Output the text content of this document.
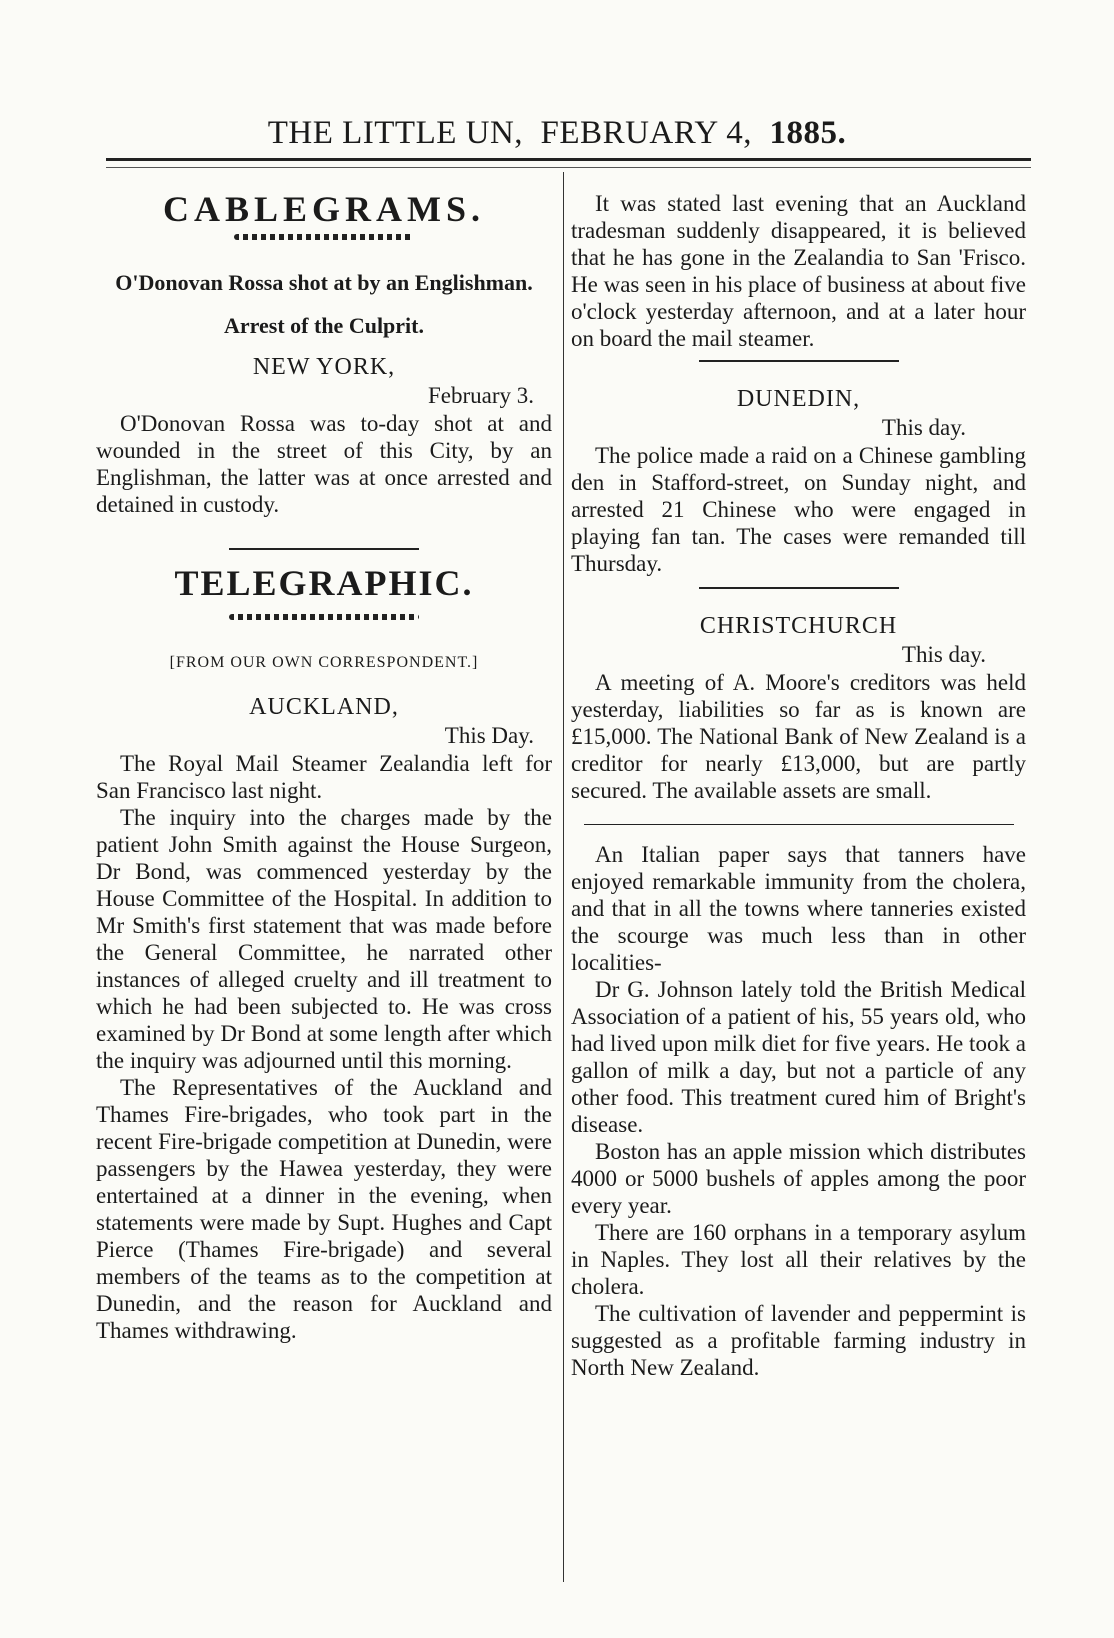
THE LITTLE UN, FEBRUARY 4, 1885.
CABLEGRAMS.

O'Donovan Rossa shot at by an Englishman.

Arrest of the Culprit.

NEW YORK,

February 3.

O'Donovan Rossa was to-day shot at and wounded in the street of this City, by an Englishman, the latter was at once arrested and detained in custody.

TELEGRAPHIC.

[FROM OUR OWN CORRESPONDENT.]

AUCKLAND,

This Day.

The Royal Mail Steamer Zealandia left for San Francisco last night.

The inquiry into the charges made by the patient John Smith against the House Surgeon, Dr Bond, was commenced yesterday by the House Committee of the Hospital. In addition to Mr Smith's first statement that was made before the General Committee, he narrated other instances of alleged cruelty and ill treatment to which he had been subjected to. He was cross examined by Dr Bond at some length after which the inquiry was adjourned until this morning.

The Representatives of the Auckland and Thames Fire-brigades, who took part in the recent Fire-brigade competition at Dunedin, were passengers by the Hawea yesterday, they were entertained at a dinner in the evening, when statements were made by Supt. Hughes and Capt Pierce (Thames Fire-brigade) and several members of the teams as to the competition at Dunedin, and the reason for Auckland and Thames withdrawing.

It was stated last evening that an Auckland tradesman suddenly disappeared, it is believed that he has gone in the Zealandia to San 'Frisco. He was seen in his place of business at about five o'clock yesterday afternoon, and at a later hour on board the mail steamer.

DUNEDIN,

This day.

The police made a raid on a Chinese gambling den in Stafford-street, on Sunday night, and arrested 21 Chinese who were engaged in playing fan tan. The cases were remanded till Thursday.

CHRISTCHURCH

This day.

A meeting of A. Moore's creditors was held yesterday, liabilities so far as is known are £15,000. The National Bank of New Zealand is a creditor for nearly £13,000, but are partly secured. The available assets are small.

An Italian paper says that tanners have enjoyed remarkable immunity from the cholera, and that in all the towns where tanneries existed the scourge was much less than in other localities-

Dr G. Johnson lately told the British Medical Association of a patient of his, 55 years old, who had lived upon milk diet for five years. He took a gallon of milk a day, but not a particle of any other food. This treatment cured him of Bright's disease.

Boston has an apple mission which distributes 4000 or 5000 bushels of apples among the poor every year.

There are 160 orphans in a temporary asylum in Naples. They lost all their relatives by the cholera.

The cultivation of lavender and peppermint is suggested as a profitable farming industry in North New Zealand.
